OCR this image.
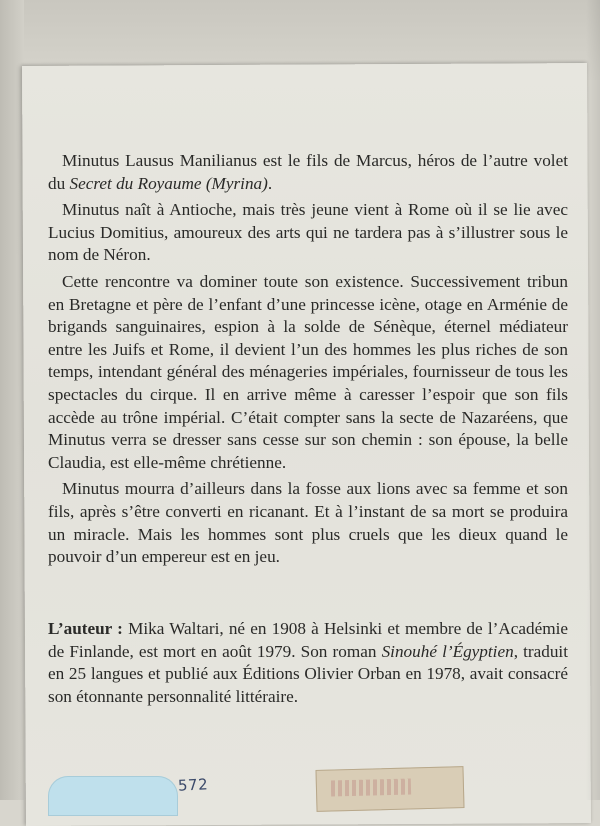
Minutus Lausus Manilianus est le fils de Marcus, héros de l’autre volet du Secret du Royaume (Myrina).

Minutus naît à Antioche, mais très jeune vient à Rome où il se lie avec Lucius Domitius, amoureux des arts qui ne tardera pas à s’illustrer sous le nom de Néron.

Cette rencontre va dominer toute son existence. Successivement tribun en Bretagne et père de l’enfant d’une princesse icène, otage en Arménie de brigands sanguinaires, espion à la solde de Sénèque, éternel médiateur entre les Juifs et Rome, il devient l’un des hommes les plus riches de son temps, intendant général des ménageries impériales, fournisseur de tous les spectacles du cirque. Il en arrive même à caresser l’espoir que son fils accède au trône impérial. C’était compter sans la secte de Nazaréens, que Minutus verra se dresser sans cesse sur son chemin : son épouse, la belle Claudia, est elle-même chrétienne.

Minutus mourra d’ailleurs dans la fosse aux lions avec sa femme et son fils, après s’être converti en ricanant. Et à l’instant de sa mort se produira un miracle. Mais les hommes sont plus cruels que les dieux quand le pouvoir d’un empereur est en jeu.

L’auteur : Mika Waltari, né en 1908 à Helsinki et membre de l’Académie de Finlande, est mort en août 1979. Son roman Sinouhé l’Égyptien, traduit en 25 langues et publié aux Éditions Olivier Orban en 1978, avait consacré son étonnante personnalité littéraire.

572
